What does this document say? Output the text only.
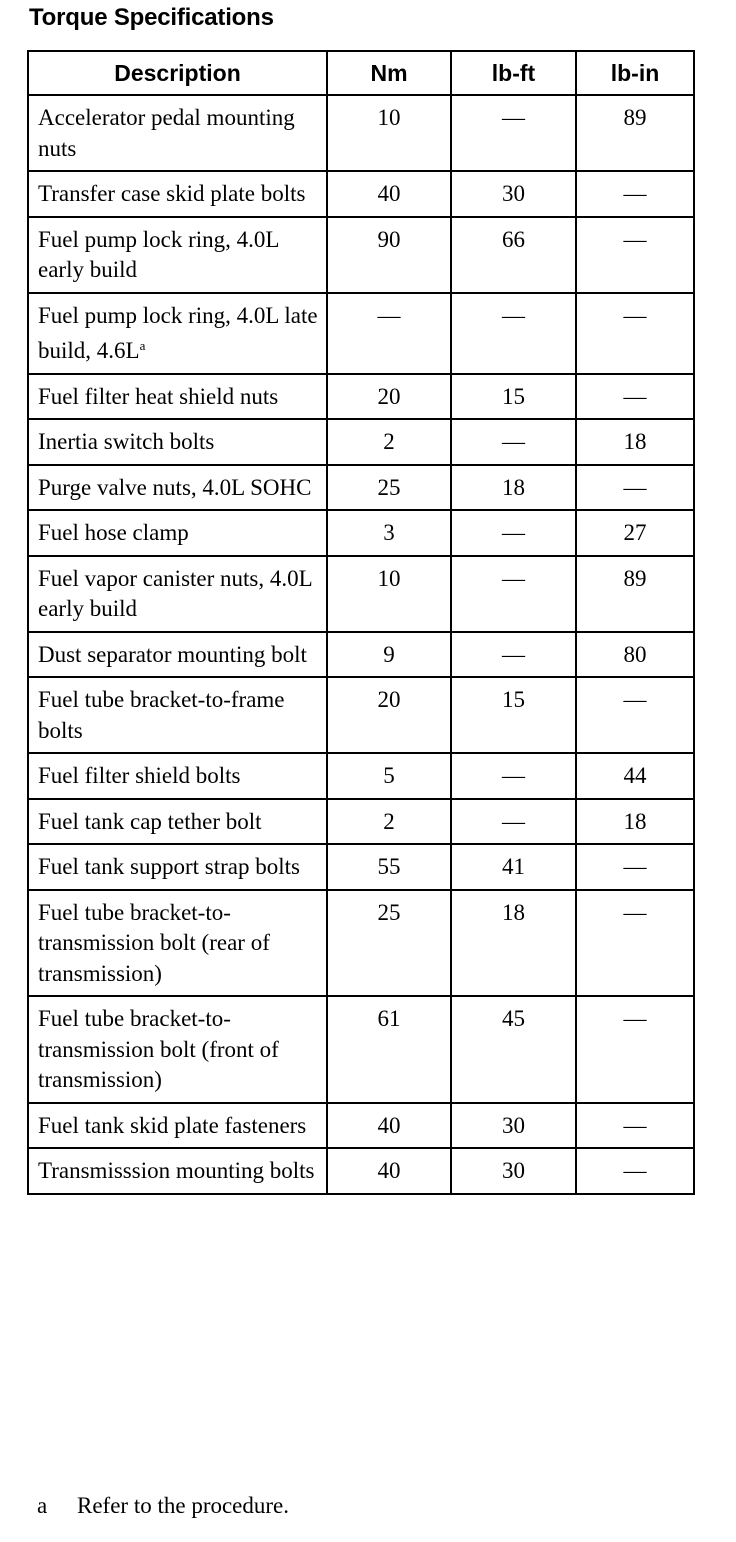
Torque Specifications
Description	Nm	lb-ft	lb-in
Accelerator pedal mounting nuts	10	—	89
Transfer case skid plate bolts	40	30	—
Fuel pump lock ring, 4.0L early build	90	66	—
Fuel pump lock ring, 4.0L late build, $4.6L^a$	—	—	—
Fuel filter heat shield nuts	20	15	—
Inertia switch bolts	2	—	18
Purge valve nuts, 4.0L SOHC	25	18	—
Fuel hose clamp	3	—	27
Fuel vapor canister nuts, 4.0L early build	10	—	89
Dust separator mounting bolt	9	—	80
Fuel tube bracket-to-frame bolts	20	15	—
Fuel filter shield bolts	5	—	44
Fuel tank cap tether bolt	2	—	18
Fuel tank support strap bolts	55	41	—
Fuel tube bracket-to-transmission bolt (rear of transmission)	25	18	—
Fuel tube bracket-to-transmission bolt (front of transmission)	61	45	—
Fuel tank skid plate fasteners	40	30	—
Transmisssion mounting bolts	40	30	—
a Refer to the procedure.
